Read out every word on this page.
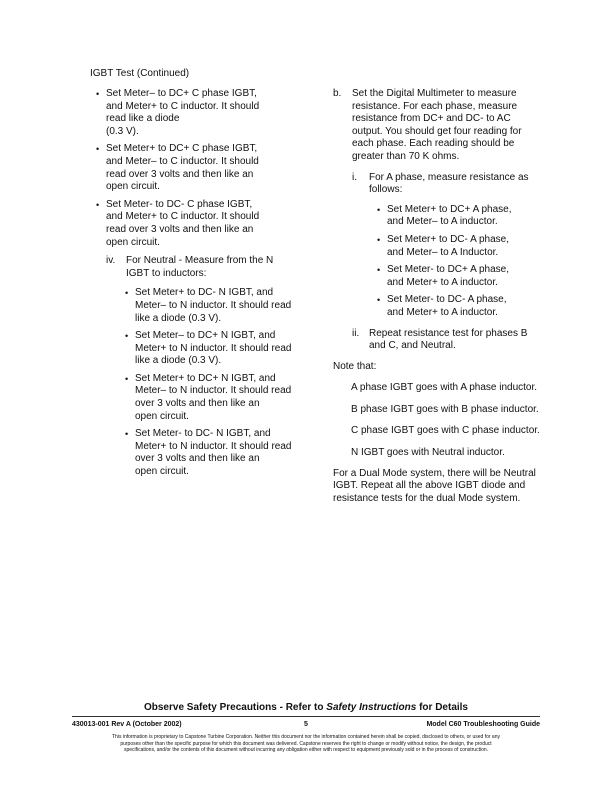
IGBT Test (Continued)
• Set Meter– to DC+ C phase IGBT,
and Meter+ to C inductor. It should
read like a diode
(0.3 V).
• Set Meter+ to DC+ C phase IGBT,
and Meter– to C inductor. It should
read over 3 volts and then like an
open circuit.
• Set Meter- to DC- C phase IGBT,
and Meter+ to C inductor. It should
read over 3 volts and then like an
open circuit.
iv. For Neutral - Measure from the N
IGBT to inductors:
• Set Meter+ to DC- N IGBT, and
Meter– to N inductor. It should read
like a diode (0.3 V).
• Set Meter– to DC+ N IGBT, and
Meter+ to N inductor. It should read
like a diode (0.3 V).
• Set Meter+ to DC+ N IGBT, and
Meter– to N inductor. It should read
over 3 volts and then like an
open circuit.
• Set Meter- to DC- N IGBT, and
Meter+ to N inductor. It should read
over 3 volts and then like an
open circuit.
b. Set the Digital Multimeter to measure
resistance. For each phase, measure
resistance from DC+ and DC- to AC
output. You should get four reading for
each phase. Each reading should be
greater than 70 K ohms.
i. For A phase, measure resistance as
follows:
• Set Meter+ to DC+ A phase,
and Meter– to A inductor.
• Set Meter+ to DC- A phase,
and Meter– to A Inductor.
• Set Meter- to DC+ A phase,
and Meter+ to A inductor.
• Set Meter- to DC- A phase,
and Meter+ to A inductor.
ii. Repeat resistance test for phases B
and C, and Neutral.
Note that:
A phase IGBT goes with A phase inductor.
B phase IGBT goes with B phase inductor.
C phase IGBT goes with C phase inductor.
N IGBT goes with Neutral inductor.
For a Dual Mode system, there will be Neutral
IGBT. Repeat all the above IGBT diode and
resistance tests for the dual Mode system.
Observe Safety Precautions - Refer to Safety Instructions for Details
430013-001 Rev A (October 2002)	5	Model C60 Troubleshooting Guide
This information is proprietary to Capstone Turbine Corporation. Neither this document nor the information contained herein shall be copied, disclosed to others, or used for any
purposes other than the specific purpose for which this document was delivered. Capstone reserves the right to change or modify without notice, the design, the product
specifications, and/or the contents of this document without incurring any obligation either with respect to equipment previously sold or in the process of construction.
